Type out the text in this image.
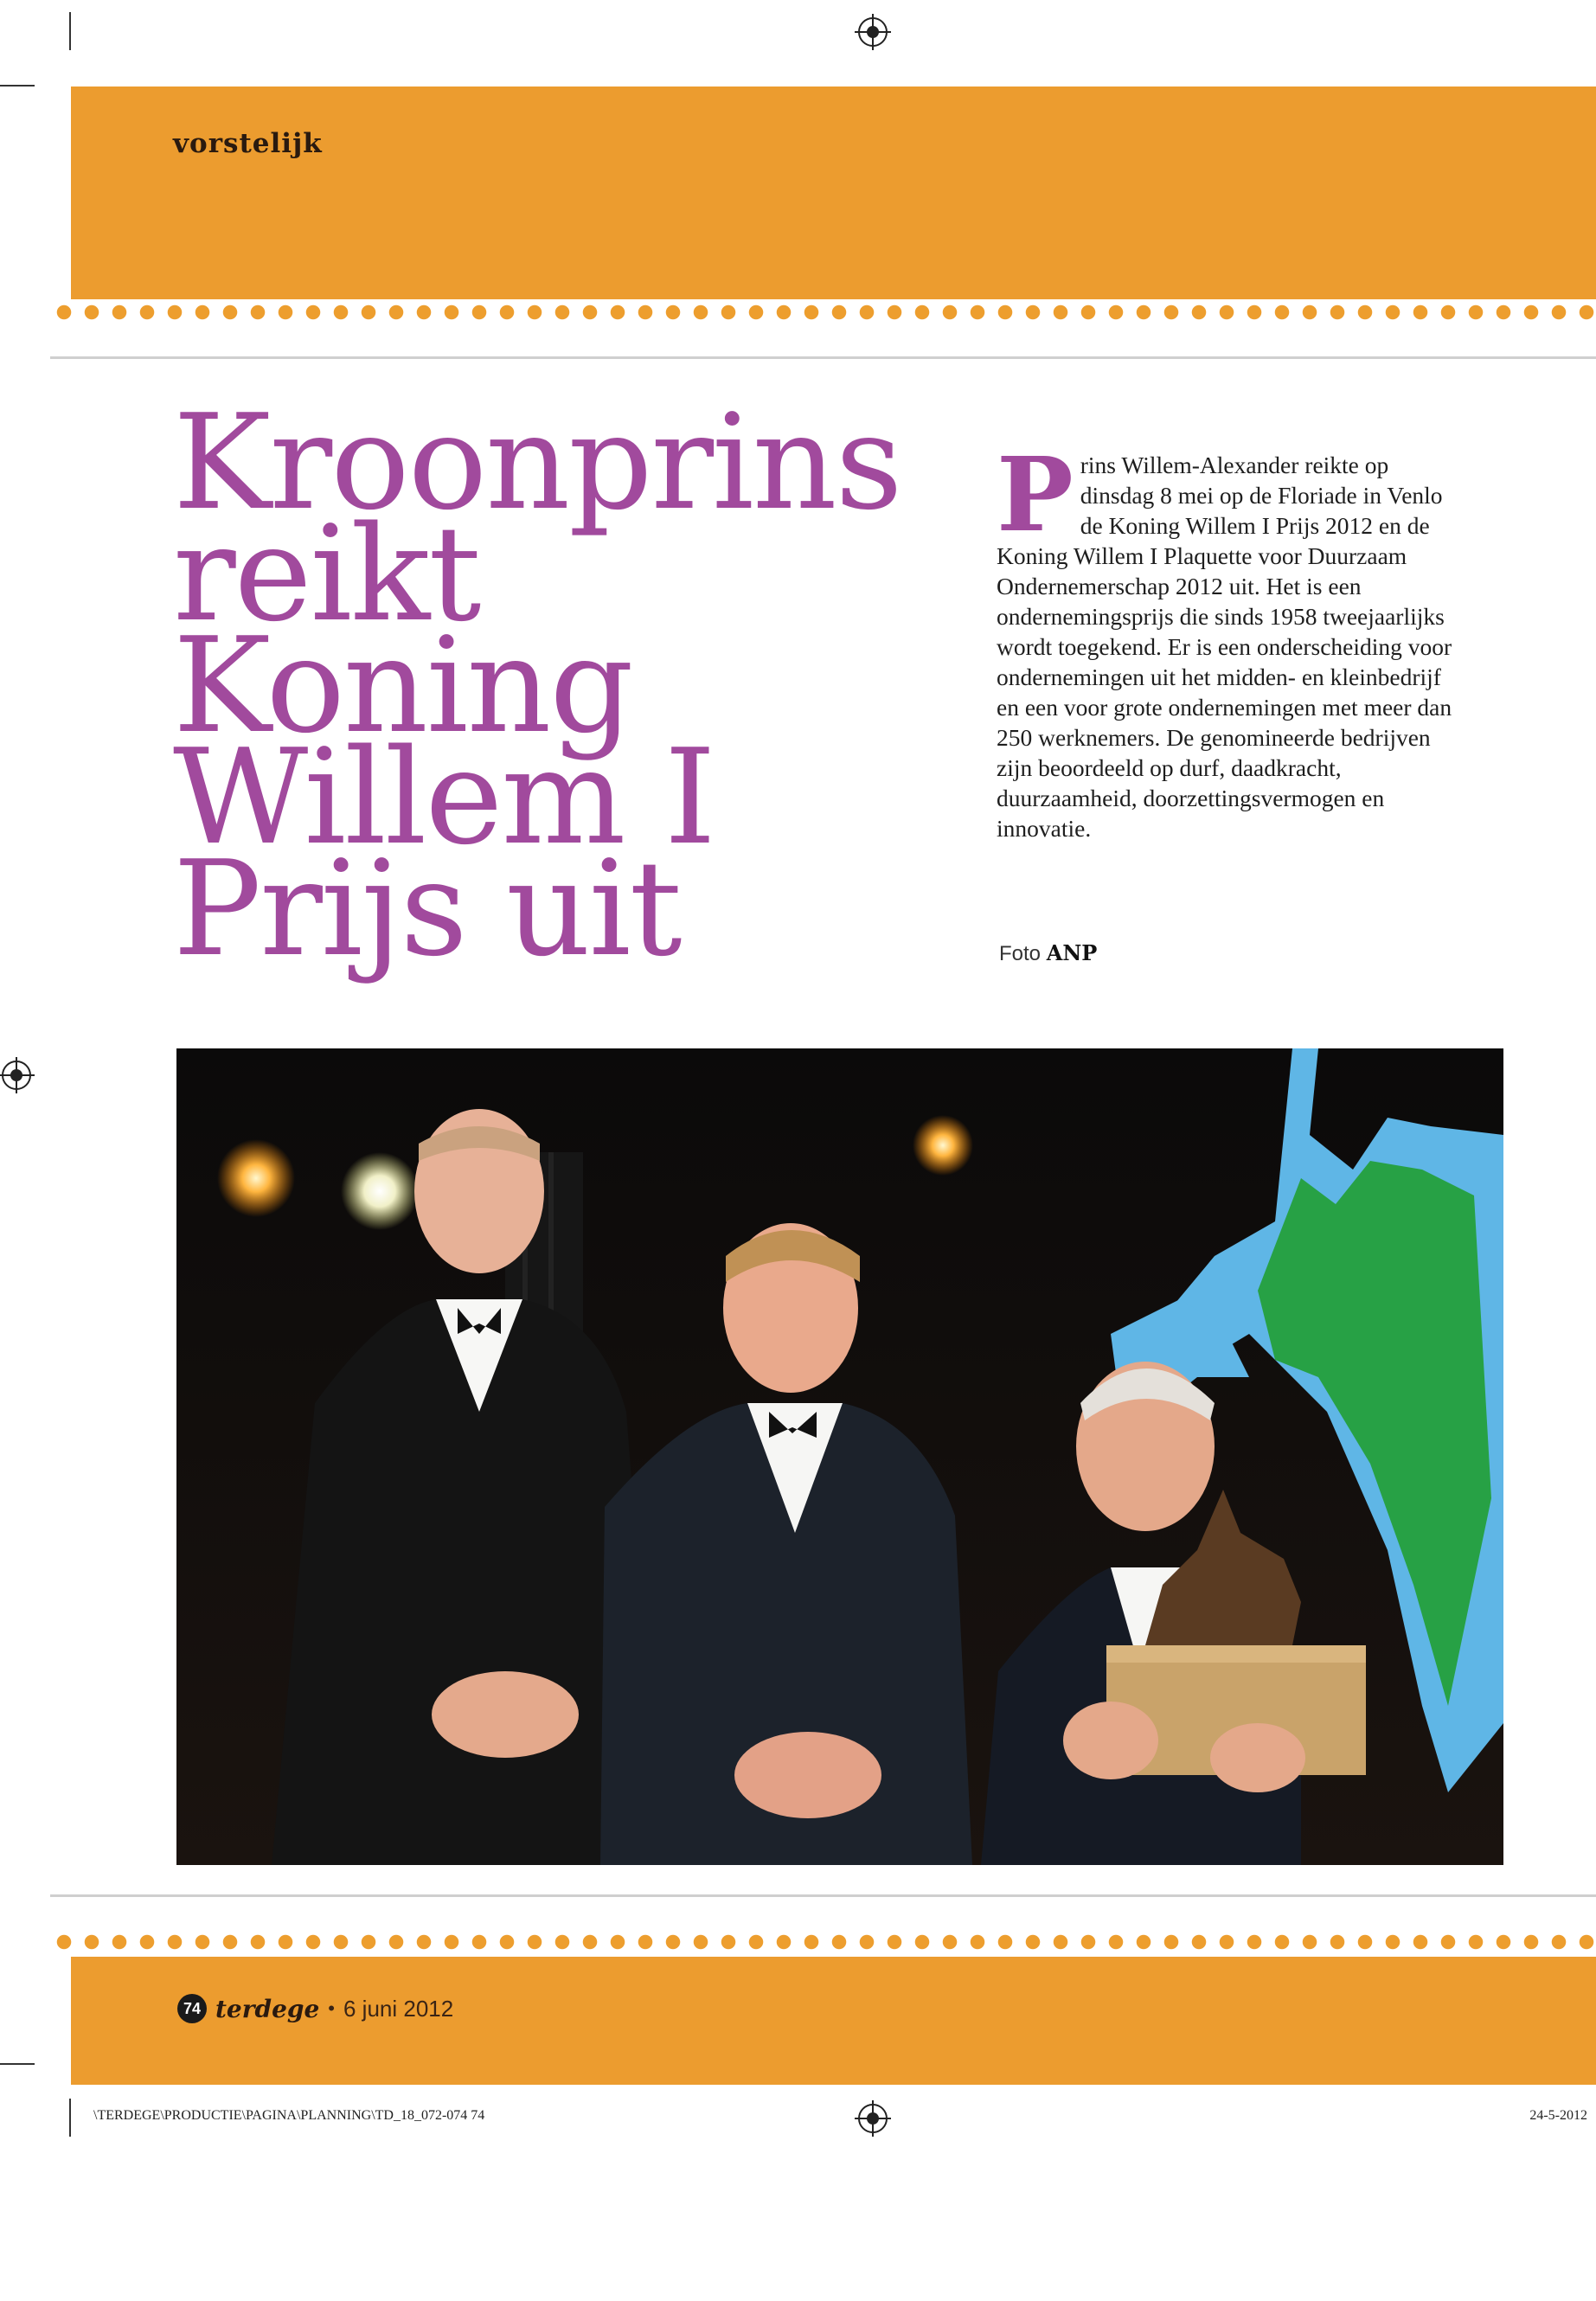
vorstelijk
Kroonprins
reikt
Koning
Willem I
Prijs uit
Prins Willem-Alexander reikte op dinsdag 8 mei op de Floriade in Venlo de Koning Willem I Prijs 2012 en de Koning Willem I Plaquette voor Duurzaam Ondernemerschap 2012 uit. Het is een ondernemingsprijs die sinds 1958 tweejaarlijks wordt toegekend. Er is een onderscheiding voor ondernemingen uit het midden- en kleinbedrijf en een voor grote ondernemingen met meer dan 250 werknemers. De genomineerde bedrijven zijn beoordeeld op durf, daadkracht, duurzaamheid, doorzettingsvermogen en innovatie.
Foto ANP
74 terdege • 6 juni 2012
\TERDEGE\PRODUCTIE\PAGINA\PLANNING\TD_18_072-074 74	24-5-2012
